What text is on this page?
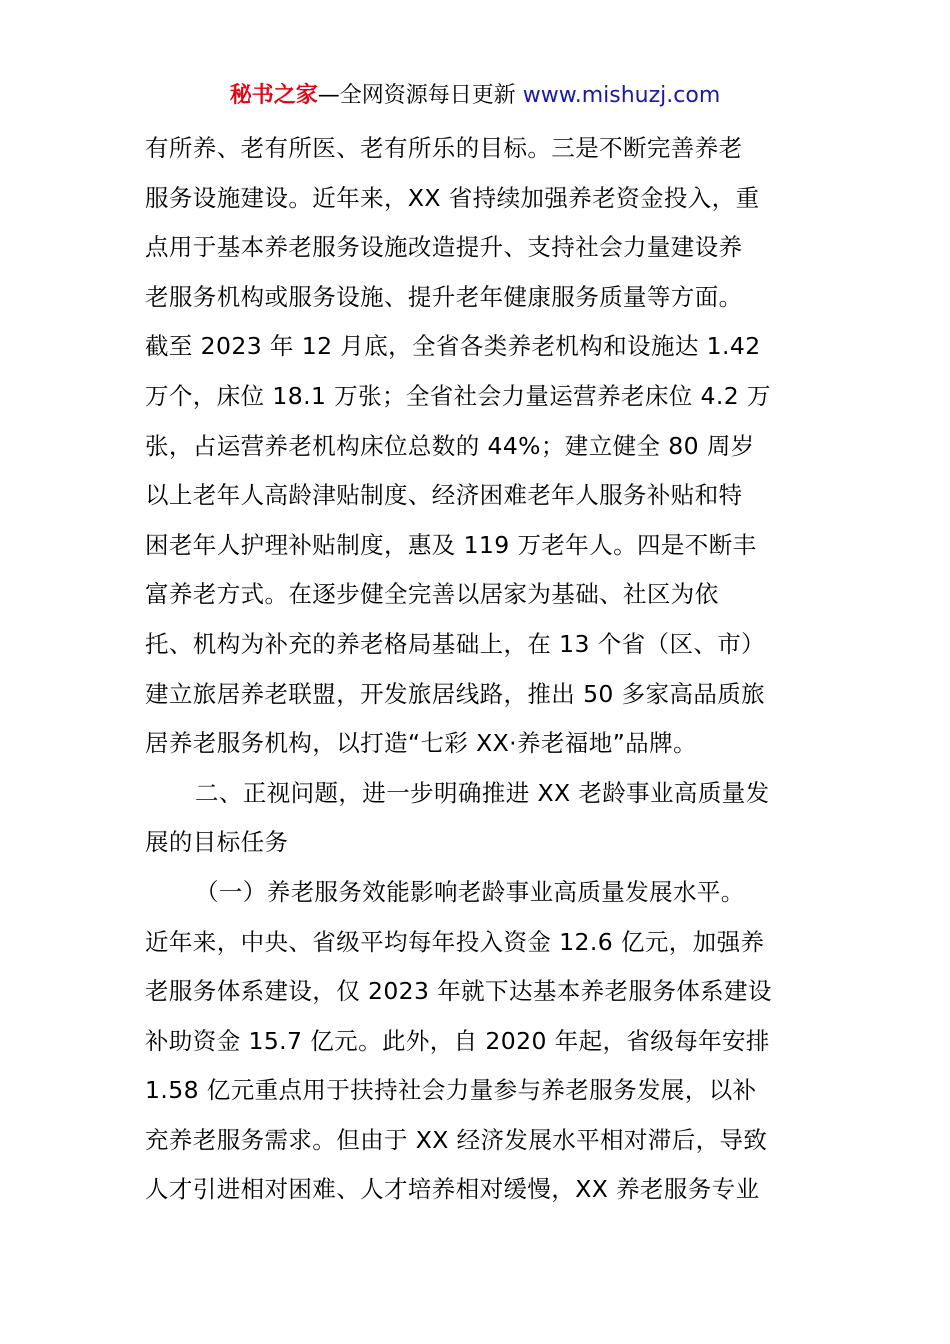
秘书之家—全网资源每日更新 www.mishuzj.com
有所养、老有所医、老有所乐的目标。三是不断完善养老
服务设施建设。近年来，XX 省持续加强养老资金投入，重
点用于基本养老服务设施改造提升、支持社会力量建设养
老服务机构或服务设施、提升老年健康服务质量等方面。
截至 2023 年 12 月底，全省各类养老机构和设施达 1.42
万个，床位 18.1 万张；全省社会力量运营养老床位 4.2 万
张，占运营养老机构床位总数的 44%；建立健全 80 周岁
以上老年人高龄津贴制度、经济困难老年人服务补贴和特
困老年人护理补贴制度，惠及 119 万老年人。四是不断丰
富养老方式。在逐步健全完善以居家为基础、社区为依
托、机构为补充的养老格局基础上，在 13 个省（区、市）
建立旅居养老联盟，开发旅居线路，推出 50 多家高品质旅
居养老服务机构，以打造“七彩 XX·养老福地”品牌。
二、正视问题，进一步明确推进 XX 老龄事业高质量发
展的目标任务
（一）养老服务效能影响老龄事业高质量发展水平。
近年来，中央、省级平均每年投入资金 12.6 亿元，加强养
老服务体系建设，仅 2023 年就下达基本养老服务体系建设
补助资金 15.7 亿元。此外，自 2020 年起，省级每年安排
1.58 亿元重点用于扶持社会力量参与养老服务发展，以补
充养老服务需求。但由于 XX 经济发展水平相对滞后，导致
人才引进相对困难、人才培养相对缓慢，XX 养老服务专业
